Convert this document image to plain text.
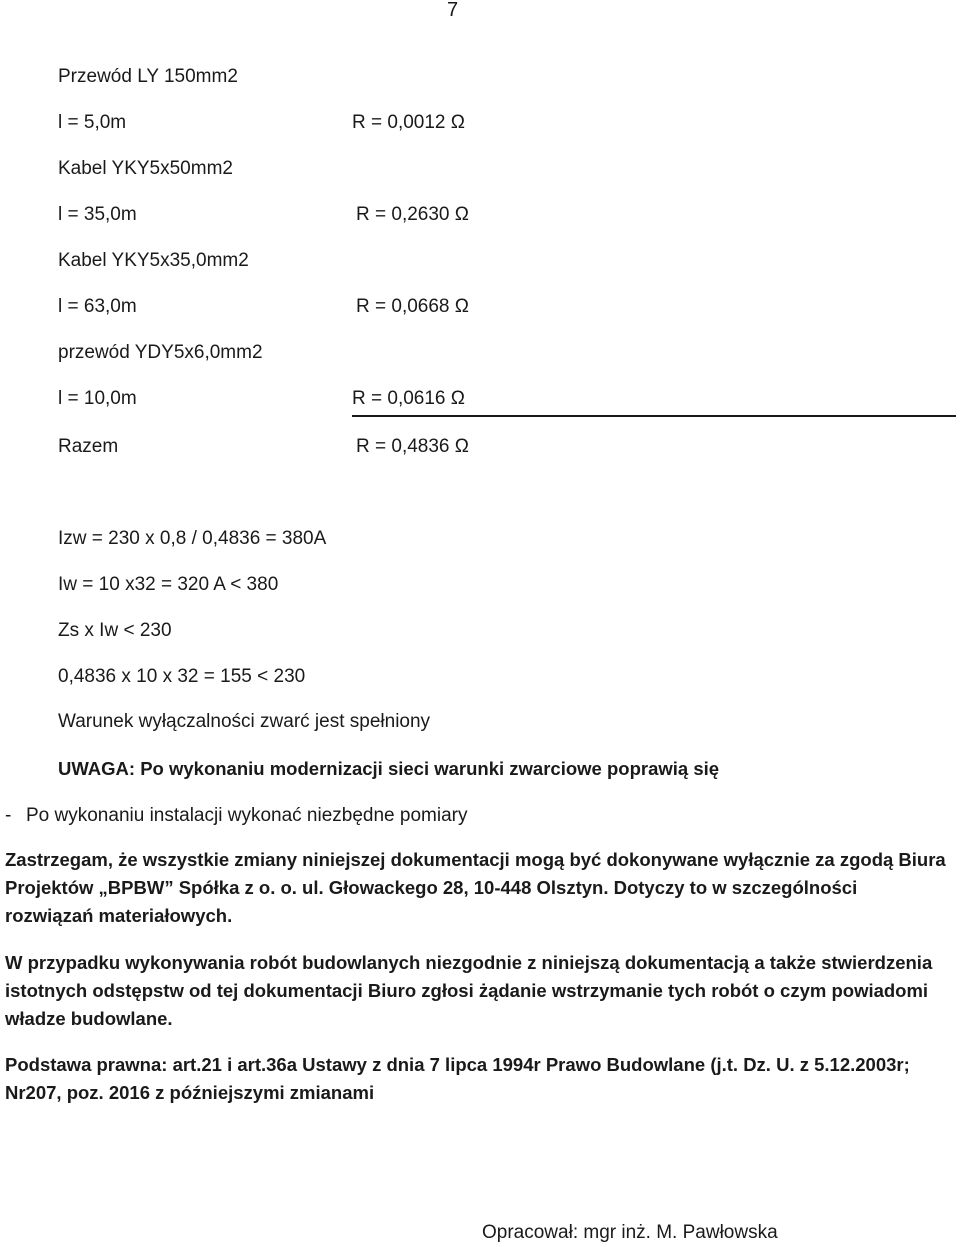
7
Przewód LY 150mm2
l = 5,0m	R = 0,0012 Ω
Kabel YKY5x50mm2
l = 35,0m	R = 0,2630 Ω
Kabel YKY5x35,0mm2
l = 63,0m	R = 0,0668 Ω
przewód YDY5x6,0mm2
l = 10,0m	R = 0,0616 Ω
Razem	R = 0,4836 Ω
Izw = 230 x 0,8 / 0,4836 = 380A
Iw = 10 x32 = 320 A < 380
Zs x Iw < 230
0,4836 x 10 x 32 = 155 < 230
Warunek wyłączalności zwarć jest spełniony
UWAGA: Po wykonaniu modernizacji sieci warunki zwarciowe poprawią się
- Po wykonaniu instalacji wykonać niezbędne pomiary
Zastrzegam, że wszystkie zmiany niniejszej dokumentacji mogą być dokonywane wyłącznie za zgodą Biura Projektów „BPBW” Spółka z o. o. ul. Głowackego 28, 10-448 Olsztyn. Dotyczy to w szczególności rozwiązań materiałowych.
W przypadku wykonywania robót budowlanych niezgodnie z niniejszą dokumentacją a także stwierdzenia istotnych odstępstw od tej dokumentacji Biuro zgłosi żądanie wstrzymanie tych robót o czym powiadomi władze budowlane.
Podstawa prawna: art.21 i art.36a Ustawy z dnia 7 lipca 1994r Prawo Budowlane (j.t. Dz. U. z 5.12.2003r; Nr207, poz. 2016 z późniejszymi zmianami
Opracował: mgr inż. M. Pawłowska
